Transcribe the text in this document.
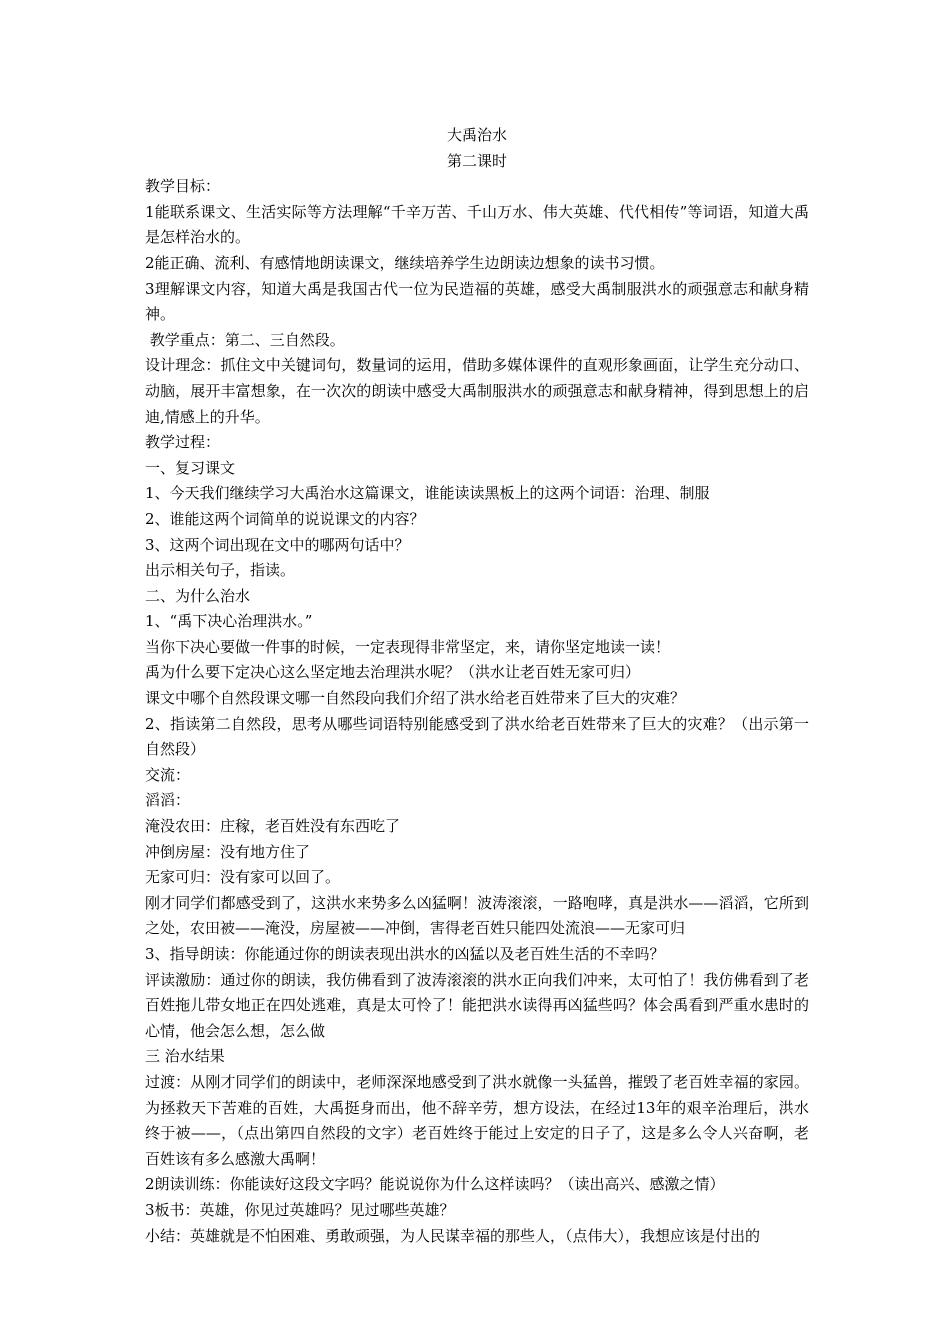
大禹治水
第二课时
教学目标：
1能联系课文、生活实际等方法理解“千辛万苦、千山万水、伟大英雄、代代相传”等词语，知道大禹是怎样治水的。
2能正确、流利、有感情地朗读课文，继续培养学生边朗读边想象的读书习惯。
3理解课文内容，知道大禹是我国古代一位为民造福的英雄，感受大禹制服洪水的顽强意志和献身精神。
教学重点：第二、三自然段。
设计理念：抓住文中关键词句，数量词的运用，借助多媒体课件的直观形象画面，让学生充分动口、动脑，展开丰富想象，在一次次的朗读中感受大禹制服洪水的顽强意志和献身精神，得到思想上的启迪,情感上的升华。
教学过程：
一、复习课文
1、今天我们继续学习大禹治水这篇课文，谁能读读黑板上的这两个词语：治理、制服
2、谁能这两个词简单的说说课文的内容？
3、这两个词出现在文中的哪两句话中？
出示相关句子，指读。
二、为什么治水
1、“禹下决心治理洪水。”
当你下决心要做一件事的时候，一定表现得非常坚定，来，请你坚定地读一读！
禹为什么要下定决心这么坚定地去治理洪水呢？（洪水让老百姓无家可归）
课文中哪个自然段课文哪一自然段向我们介绍了洪水给老百姓带来了巨大的灾难？
2、指读第二自然段，思考从哪些词语特别能感受到了洪水给老百姓带来了巨大的灾难？（出示第一自然段）
交流：
滔滔：
淹没农田：庄稼，老百姓没有东西吃了
冲倒房屋：没有地方住了
无家可归：没有家可以回了。
刚才同学们都感受到了，这洪水来势多么凶猛啊！波涛滚滚，一路咆哮，真是洪水——滔滔，它所到之处，农田被——淹没，房屋被——冲倒，害得老百姓只能四处流浪——无家可归
3、指导朗读：你能通过你的朗读表现出洪水的凶猛以及老百姓生活的不幸吗？
评读激励：通过你的朗读，我仿佛看到了波涛滚滚的洪水正向我们冲来，太可怕了！我仿佛看到了老百姓拖儿带女地正在四处逃难，真是太可怜了！能把洪水读得再凶猛些吗？体会禹看到严重水患时的心情，他会怎么想，怎么做
三 治水结果
过渡：从刚才同学们的朗读中，老师深深地感受到了洪水就像一头猛兽，摧毁了老百姓幸福的家园。为拯救天下苦难的百姓，大禹挺身而出，他不辞辛劳，想方设法，在经过13年的艰辛治理后，洪水终于被——，（点出第四自然段的文字）老百姓终于能过上安定的日子了，这是多么令人兴奋啊，老百姓该有多么感激大禹啊！
2朗读训练：你能读好这段文字吗？能说说你为什么这样读吗？（读出高兴、感激之情）
3板书：英雄，你见过英雄吗？见过哪些英雄？
小结：英雄就是不怕困难、勇敢顽强，为人民谋幸福的那些人，（点伟大），我想应该是付出的
